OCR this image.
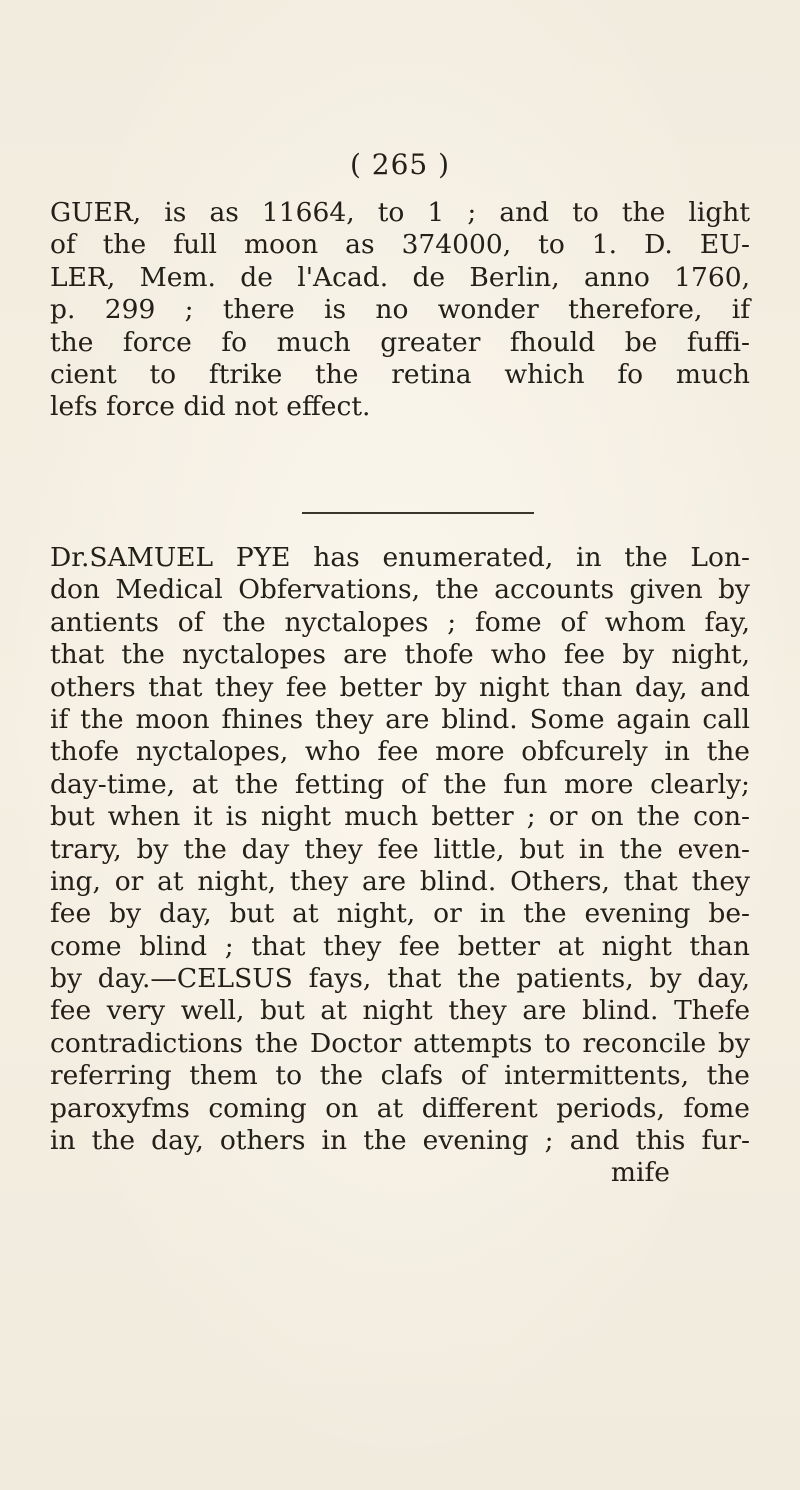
( 265 )
GUER, is as 11664, to 1 ; and to the light
of the full moon as 374000, to 1. D. EU-
LER, Mem. de l'Acad. de Berlin, anno 1760,
p. 299 ; there is no wonder therefore, if
the force fo much greater fhould be fuffi-
cient to ftrike the retina which fo much
lefs force did not effect.
Dr.SAMUEL PYE has enumerated, in the Lon-
don Medical Obfervations, the accounts given by
antients of the nyctalopes ; fome of whom fay,
that the nyctalopes are thofe who fee by night,
others that they fee better by night than day, and
if the moon fhines they are blind. Some again call
thofe nyctalopes, who fee more obfcurely in the
day-time, at the fetting of the fun more clearly;
but when it is night much better ; or on the con-
trary, by the day they fee little, but in the even-
ing, or at night, they are blind. Others, that they
fee by day, but at night, or in the evening be-
come blind ; that they fee better at night than
by day.—CELSUS fays, that the patients, by day,
fee very well, but at night they are blind. Thefe
contradictions the Doctor attempts to reconcile by
referring them to the clafs of intermittents, the
paroxyfms coming on at different periods, fome
in the day, others in the evening ; and this fur-
mife
